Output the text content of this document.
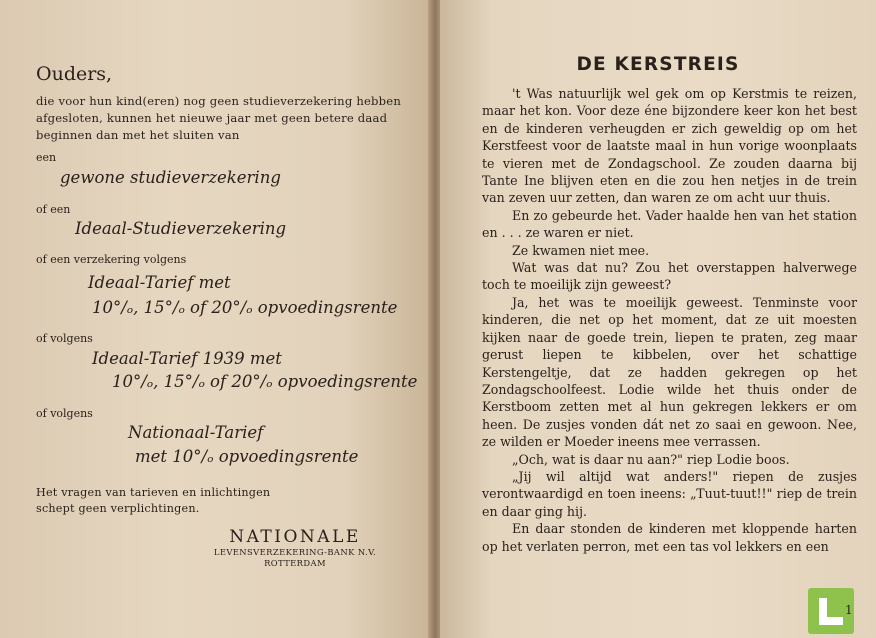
Ouders,
die voor hun kind(eren) nog geen studieverzekering hebben afgesloten, kunnen het nieuwe jaar met geen betere daad beginnen dan met het sluiten van
een
gewone studieverzekering
of een
Ideaal-Studieverzekering
of een verzekering volgens
Ideaal-Tarief met
10°/ₒ, 15°/ₒ of 20°/ₒ opvoedingsrente
of volgens
Ideaal-Tarief 1939 met
10°/ₒ, 15°/ₒ of 20°/ₒ opvoedingsrente
of volgens
Nationaal-Tarief
met 10°/ₒ opvoedingsrente
Het vragen van tarieven en inlichtingen schept geen verplichtingen.
NATIONALE
LEVENSVERZEKERING-BANK N.V.
ROTTERDAM
DE KERSTREIS

't Was natuurlijk wel gek om op Kerstmis te reizen, maar het kon. Voor deze éne bijzondere keer kon het best en de kinderen verheugden er zich geweldig op om het Kerstfeest voor de laatste maal in hun vorige woonplaats te vieren met de Zondagschool. Ze zouden daarna bij Tante Ine blijven eten en die zou hen netjes in de trein van zeven uur zetten, dan waren ze om acht uur thuis.

En zo gebeurde het. Vader haalde hen van het station en . . . ze waren er niet.

Ze kwamen niet mee.

Wat was dat nu? Zou het overstappen halverwege toch te moeilijk zijn geweest?

Ja, het was te moeilijk geweest. Tenminste voor kinderen, die net op het moment, dat ze uit moesten kijken naar de goede trein, liepen te praten, zeg maar gerust liepen te kibbelen, over het schattige Kerstengeltje, dat ze hadden gekregen op het Zondagschoolfeest. Lodie wilde het thuis onder de Kerstboom zetten met al hun gekregen lekkers er om heen. De zusjes vonden dát net zo saai en gewoon. Nee, ze wilden er Moeder ineens mee verrassen.

„Och, wat is daar nu aan?" riep Lodie boos.

„Jij wil altijd wat anders!" riepen de zusjes verontwaardigd en toen ineens: „Tuut-tuut!!" riep de trein en daar ging hij.

En daar stonden de kinderen met kloppende harten op het verlaten perron, met een tas vol lekkers en een

1
